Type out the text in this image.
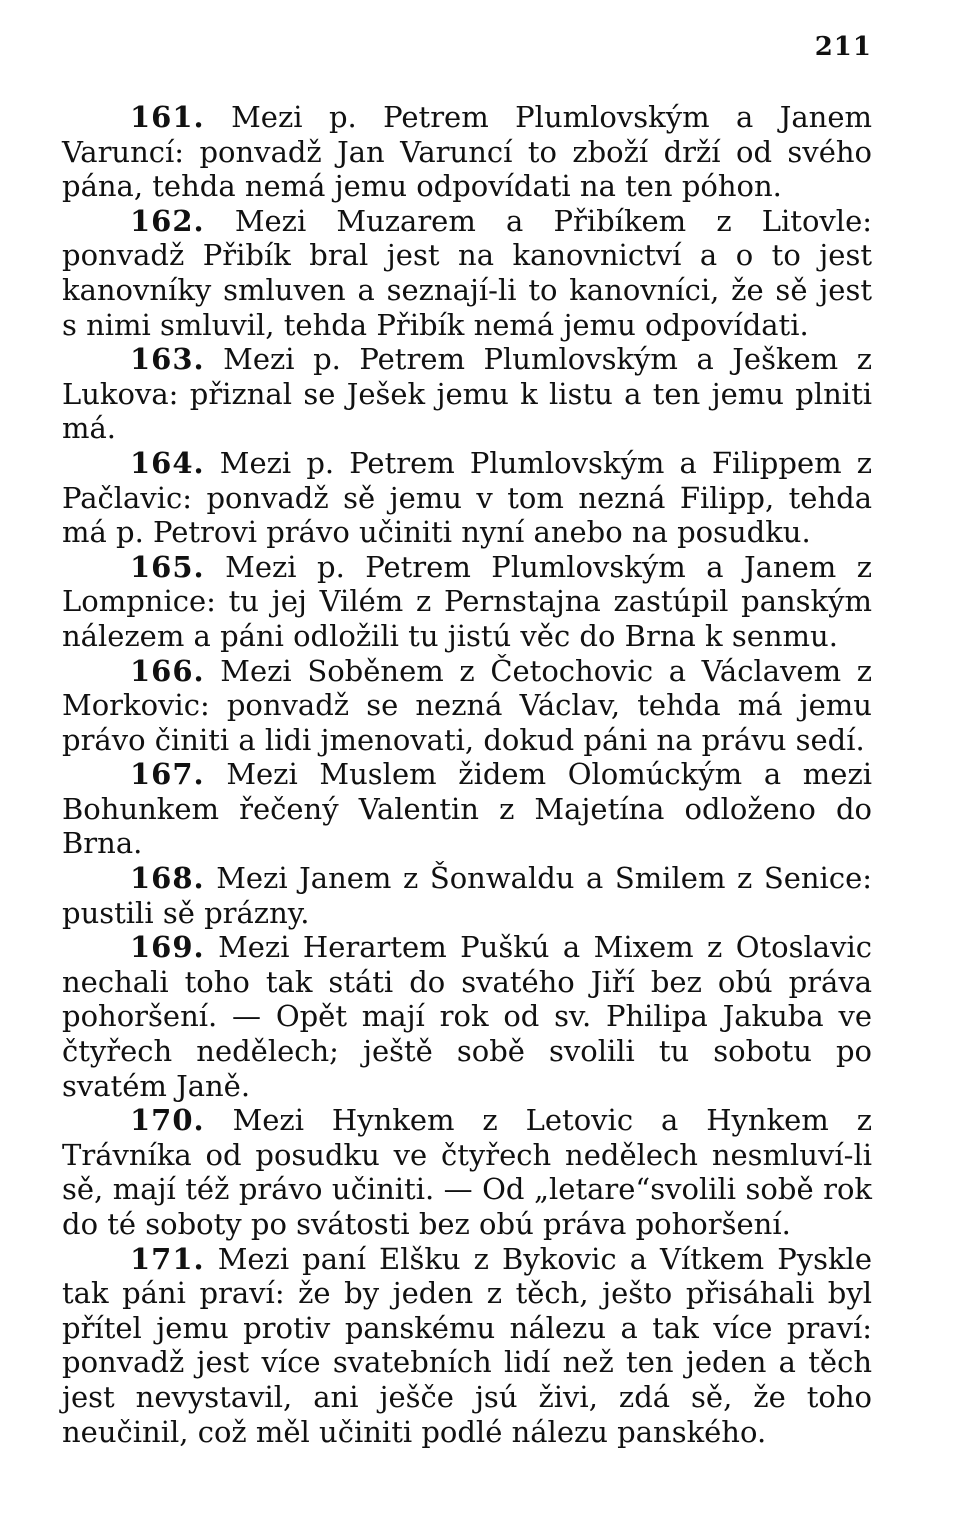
211

161. Mezi p. Petrem Plumlovským a Janem Varuncí: ponvadž Jan Varuncí to zboží drží od svého pána, tehda nemá jemu odpovídati na ten póhon.

162. Mezi Muzarem a Přibíkem z Litovle: ponvadž Přibík bral jest na kanovnictví a o to jest kanovníky smluven a seznají-li to kanovníci, že sě jest s nimi smluvil, tehda Přibík nemá jemu odpovídati.

163. Mezi p. Petrem Plumlovským a Ješkem z Lukova: přiznal se Ješek jemu k listu a ten jemu plniti má.

164. Mezi p. Petrem Plumlovským a Filippem z Pačlavic: ponvadž sě jemu v tom nezná Filipp, tehda má p. Petrovi právo učiniti nyní anebo na posudku.

165. Mezi p. Petrem Plumlovským a Janem z Lompnice: tu jej Vilém z Pernstajna zastúpil panským nálezem a páni odložili tu jistú věc do Brna k senmu.

166. Mezi Soběnem z Četochovic a Václavem z Morkovic: ponvadž se nezná Václav, tehda má jemu právo činiti a lidi jmenovati, dokud páni na právu sedí.

167. Mezi Muslem židem Olomúckým a mezi Bohunkem řečený Valentin z Majetína odloženo do Brna.

168. Mezi Janem z Šonwaldu a Smilem z Senice: pustili sě prázny.

169. Mezi Herartem Puškú a Mixem z Otoslavic nechali toho tak státi do svatého Jiří bez obú práva pohoršení. — Opět mají rok od sv. Philipa Jakuba ve čtyřech nedělech; ještě sobě svolili tu sobotu po svatém Janě.

170. Mezi Hynkem z Letovic a Hynkem z Trávníka od posudku ve čtyřech nedělech nesmluví-li sě, mají též právo učiniti. — Od „letare“svolili sobě rok do té soboty po svátosti bez obú práva pohoršení.

171. Mezi paní Elšku z Bykovic a Vítkem Pyskle tak páni praví: že by jeden z těch, ješto přisáhali byl přítel jemu protiv panskému nálezu a tak více praví: ponvadž jest více svatebních lidí než ten jeden a těch jest nevystavil, ani ješče jsú živi, zdá sě, že toho neučinil, což měl učiniti podlé nálezu panského.
